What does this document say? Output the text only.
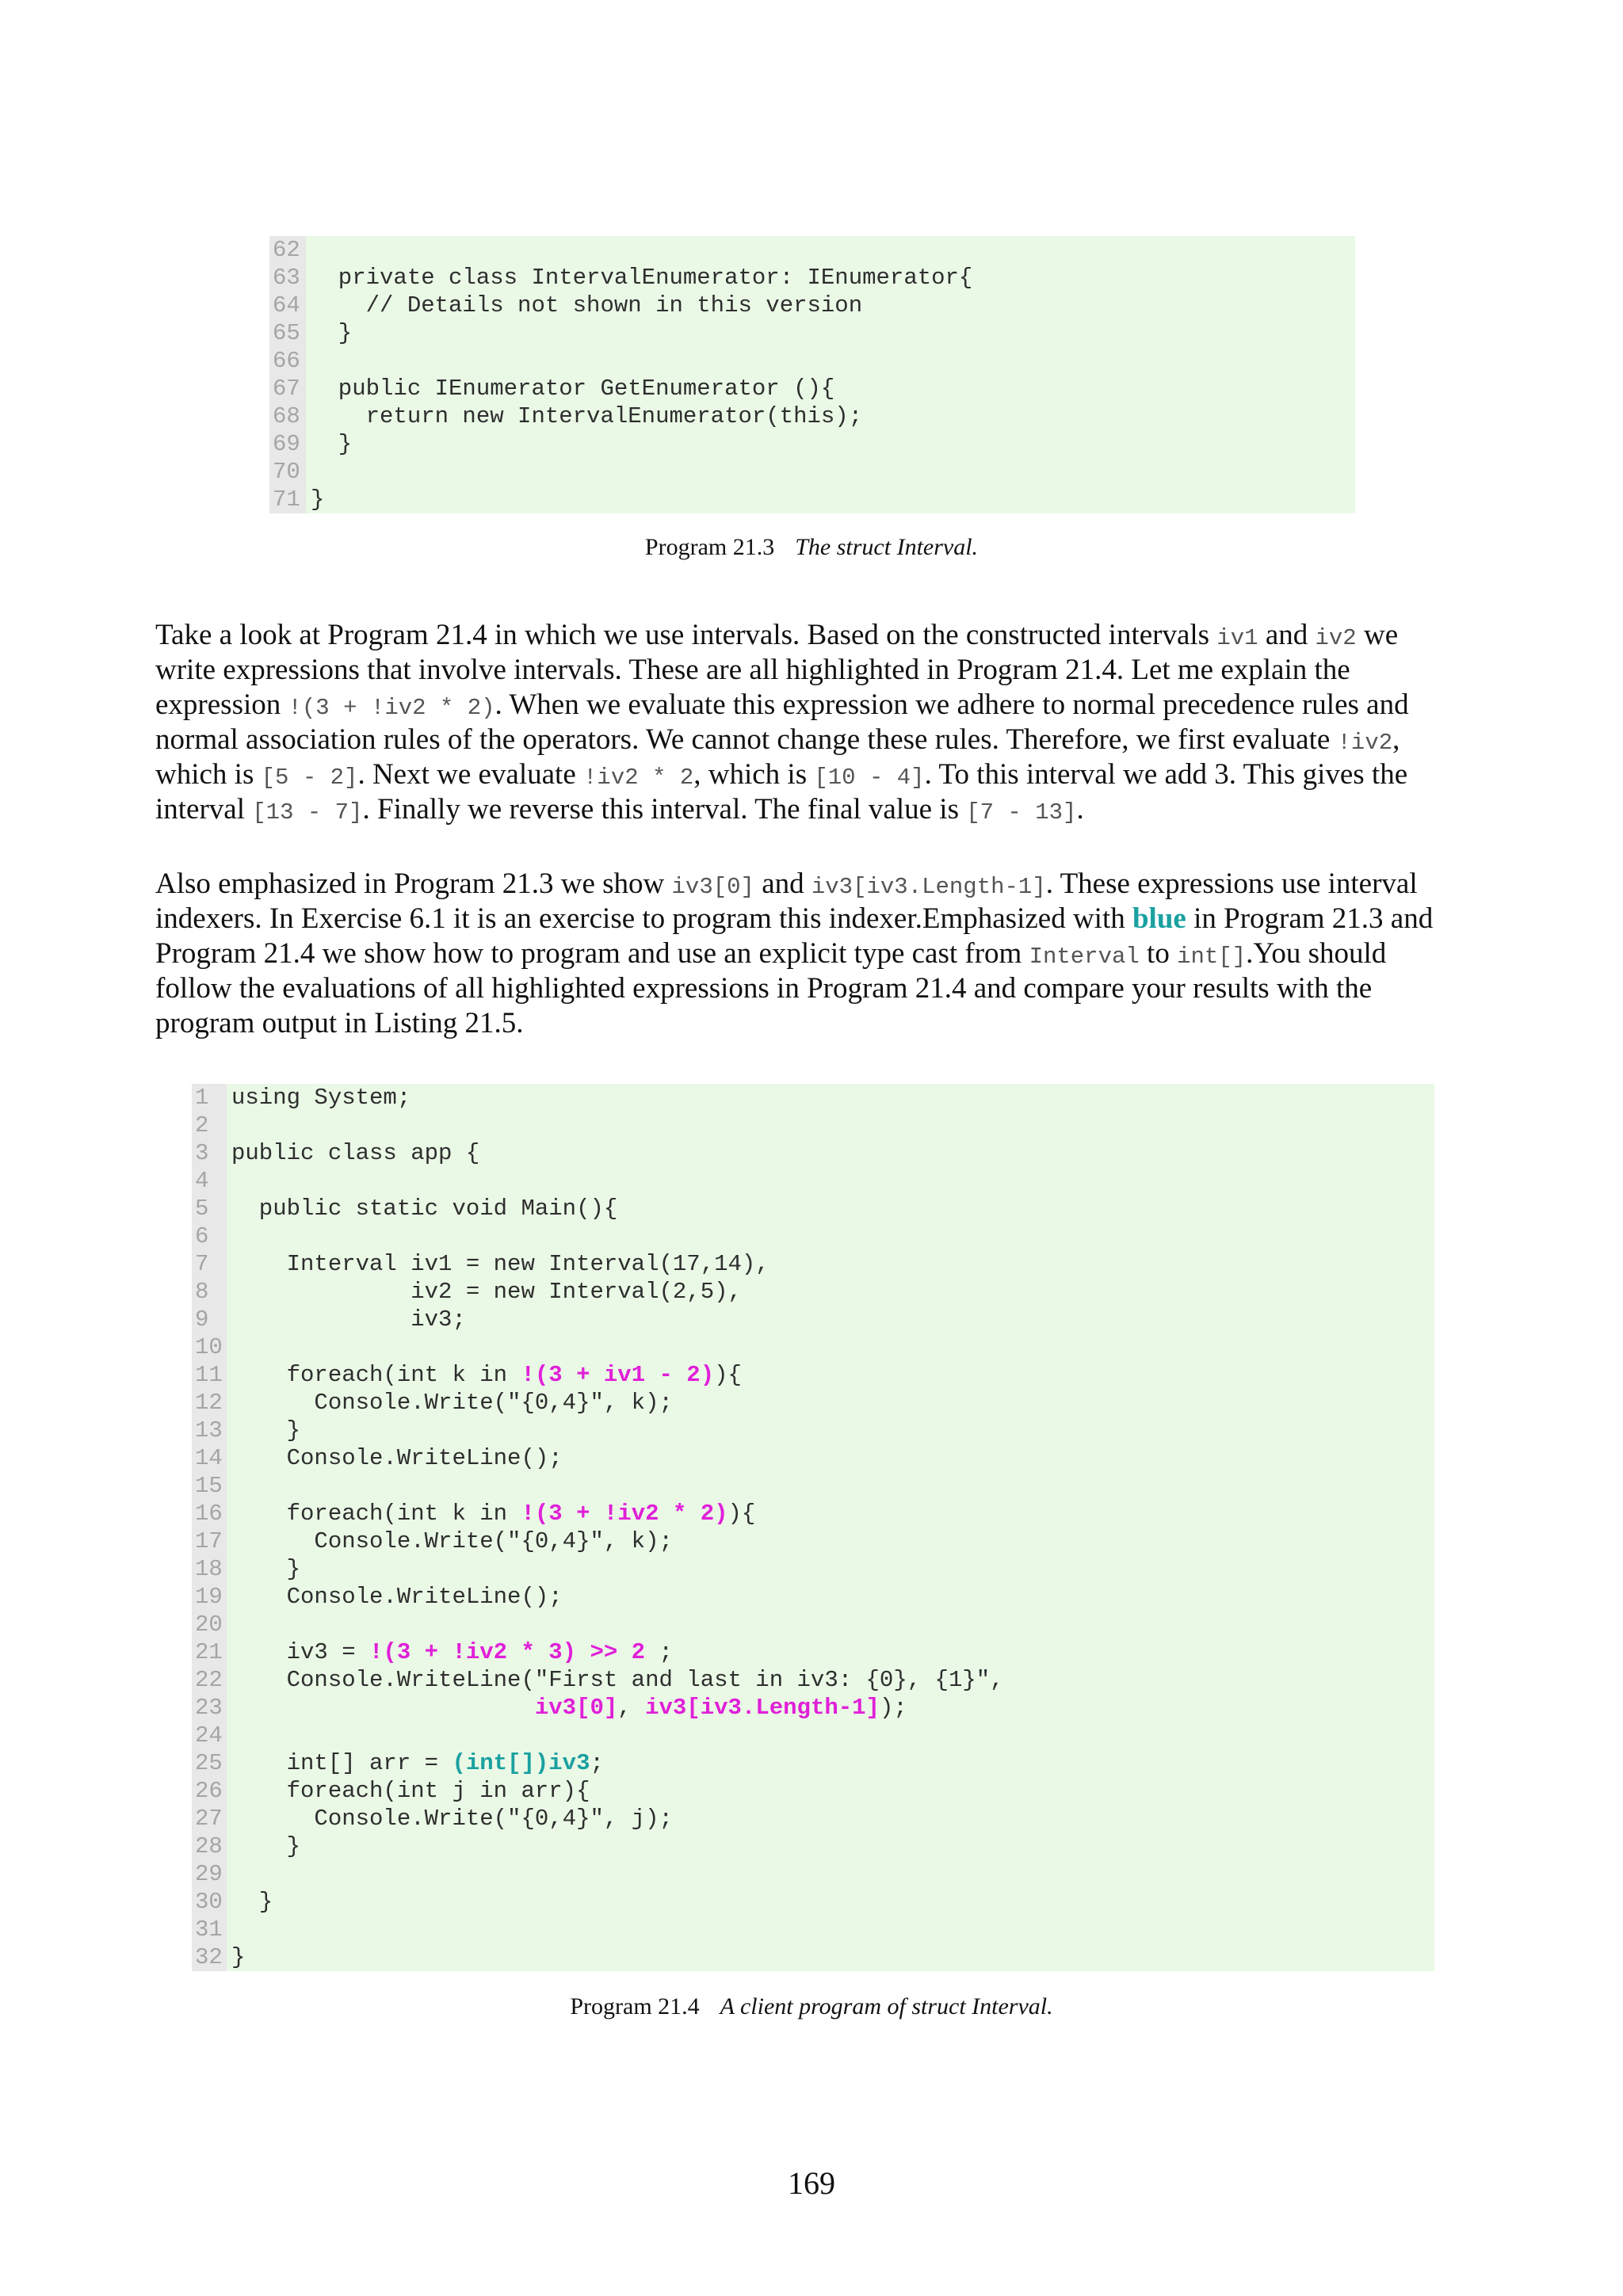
62
63
64
65
66
67
68
69
70
71
private class IntervalEnumerator: IEnumerator{
// Details not shown in this version
}
public IEnumerator GetEnumerator (){
return new IntervalEnumerator(this);
}
}
Program 21.3 The struct Interval.
Take a look at Program 21.4 in which we use intervals. Based on the constructed intervals iv1 and iv2 we
write expressions that involve intervals. These are all highlighted in Program 21.4. Let me explain the
expression !(3 + !iv2 * 2). When we evaluate this expression we adhere to normal precedence rules and
normal association rules of the operators. We cannot change these rules. Therefore, we first evaluate !iv2,
which is [5 - 2]. Next we evaluate !iv2 * 2, which is [10 - 4]. To this interval we add 3. This gives the
interval [13 - 7]. Finally we reverse this interval. The final value is [7 - 13].
Also emphasized in Program 21.3 we show iv3[0] and iv3[iv3.Length-1]. These expressions use interval
indexers. In Exercise 6.1 it is an exercise to program this indexer.Emphasized with blue in Program 21.3 and
Program 21.4 we show how to program and use an explicit type cast from Interval to int[].You should
follow the evaluations of all highlighted expressions in Program 21.4 and compare your results with the
program output in Listing 21.5.
1
2
3
4
5
6
7
8
9
10
11
12
13
14
15
16
17
18
19
20
21
22
23
24
25
26
27
28
29
30
31
32
using System;
public class app {
public static void Main(){
Interval iv1 = new Interval(17,14),
iv2 = new Interval(2,5),
iv3;
foreach(int k in !(3 + iv1 - 2)){
Console.Write("{0,4}", k);
}
Console.WriteLine();
foreach(int k in !(3 + !iv2 * 2)){
Console.Write("{0,4}", k);
}
Console.WriteLine();
iv3 = !(3 + !iv2 * 3) >> 2 ;
Console.WriteLine("First and last in iv3: {0}, {1}",
iv3[0], iv3[iv3.Length-1]);
int[] arr = (int[])iv3;
foreach(int j in arr){
Console.Write("{0,4}", j);
}
}
}
Program 21.4 A client program of struct Interval.
169
